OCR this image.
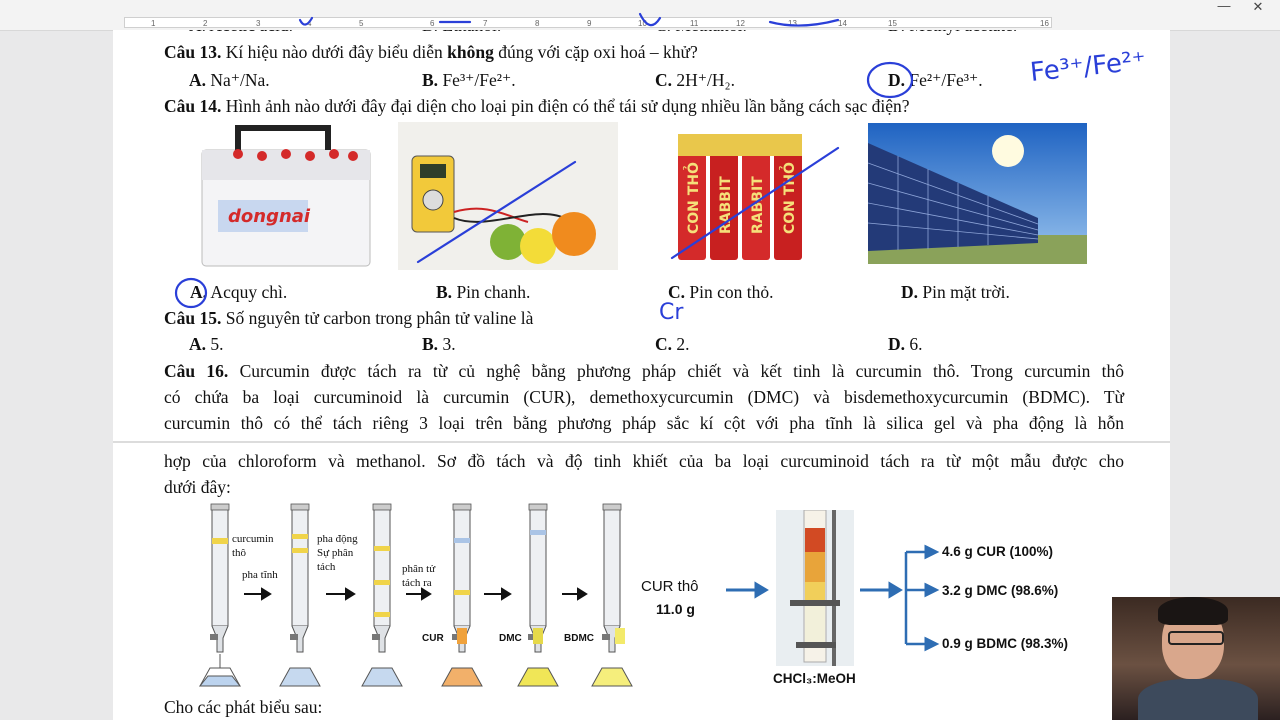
1	2	3	4	5	6	7	8	9	10	11	12	13	14	15	16
—	✕
Câu 13. Kí hiệu nào dưới đây biểu diễn không đúng với cặp oxi hoá – khử?
A. Na⁺/Na.	B. Fe³⁺/Fe²⁺.	C. 2H⁺/H₂.	D. Fe²⁺/Fe³⁺.
Câu 14. Hình ảnh nào dưới đây đại diện cho loại pin điện có thể tái sử dụng nhiều lần bằng cách sạc điện?
dongnai	CON THỎ RABBIT RABBIT CON THỎ
A. Acquy chì.	B. Pin chanh.	C. Pin con thỏ.	D. Pin mặt trời.
Câu 15. Số nguyên tử carbon trong phân tử valine là
A. 5.	B. 3.	C. 2.	D. 6.
Câu 16. Curcumin được tách ra từ củ nghệ bằng phương pháp chiết và kết tinh là curcumin thô. Trong curcumin thô
có chứa ba loại curcuminoid là curcumin (CUR), demethoxycurcumin (DMC) và bisdemethoxycurcumin (BDMC). Từ
curcumin thô có thể tách riêng 3 loại trên bằng phương pháp sắc kí cột với pha tĩnh là silica gel và pha động là hỗn
hợp của chloroform và methanol. Sơ đồ tách và độ tinh khiết của ba loại curcuminoid tách ra từ một mẫu được cho
dưới đây:
curcumin
thô
pha tĩnh
pha động
Sự phân
tách	phân tử
tách ra
CUR	DMC	BDMC
CUR thô
11.0 g
CHCl₃:MeOH
4.6 g CUR (100%)
3.2 g DMC (98.6%)
0.9 g BDMC (98.3%)
Cho các phát biểu sau:
Fe³⁺/Fe²⁺
Cr
